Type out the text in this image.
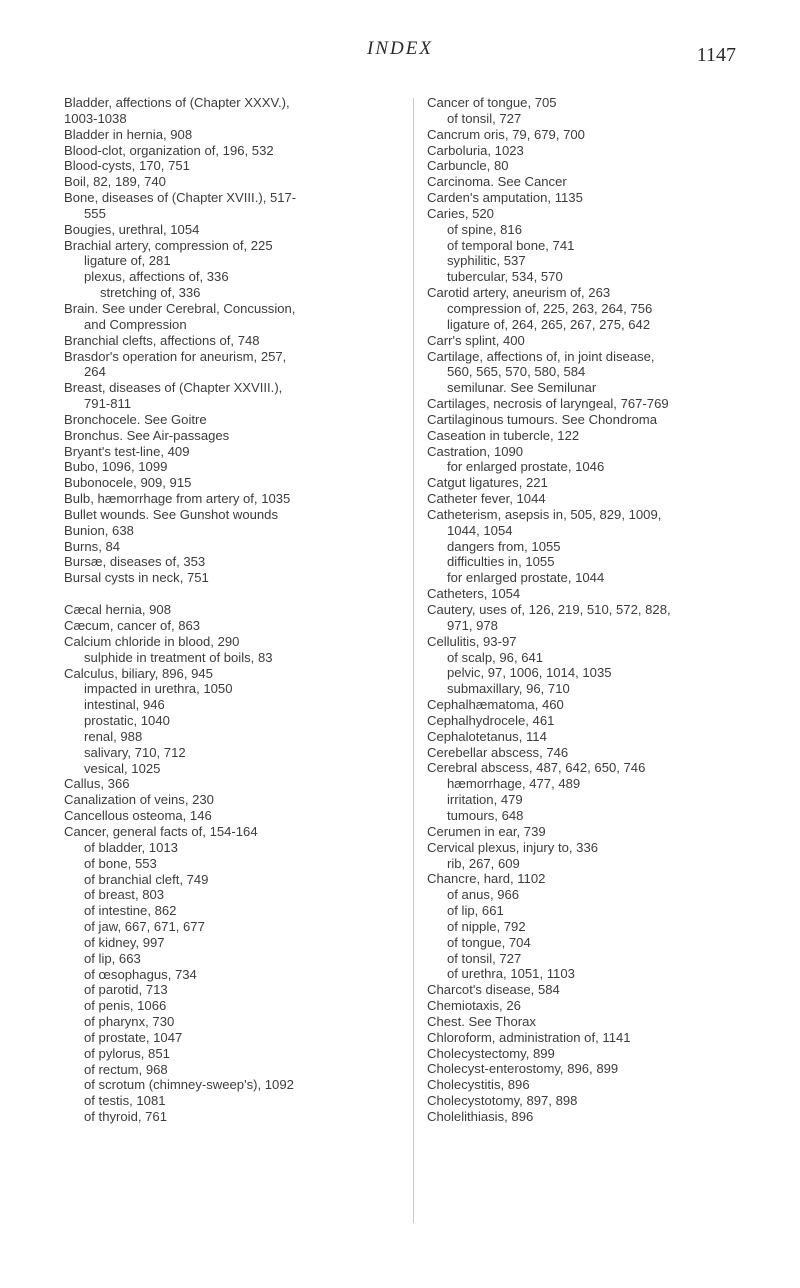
INDEX	1147
Bladder, affections of (Chapter XXXV.),
1003-1038
Bladder in hernia, 908
Blood-clot, organization of, 196, 532
Blood-cysts, 170, 751
Boil, 82, 189, 740
Bone, diseases of (Chapter XVIII.), 517-
555
Bougies, urethral, 1054
Brachial artery, compression of, 225
ligature of, 281
plexus, affections of, 336
stretching of, 336
Brain. See under Cerebral, Concussion,
and Compression
Branchial clefts, affections of, 748
Brasdor's operation for aneurism, 257,
264
Breast, diseases of (Chapter XXVIII.),
791-811
Bronchocele. See Goitre
Bronchus. See Air-passages
Bryant's test-line, 409
Bubo, 1096, 1099
Bubonocele, 909, 915
Bulb, hæmorrhage from artery of, 1035
Bullet wounds. See Gunshot wounds
Bunion, 638
Burns, 84
Bursæ, diseases of, 353
Bursal cysts in neck, 751
Cæcal hernia, 908
Cæcum, cancer of, 863
Calcium chloride in blood, 290
sulphide in treatment of boils, 83
Calculus, biliary, 896, 945
impacted in urethra, 1050
intestinal, 946
prostatic, 1040
renal, 988
salivary, 710, 712
vesical, 1025
Callus, 366
Canalization of veins, 230
Cancellous osteoma, 146
Cancer, general facts of, 154-164
of bladder, 1013
of bone, 553
of branchial cleft, 749
of breast, 803
of intestine, 862
of jaw, 667, 671, 677
of kidney, 997
of lip, 663
of œsophagus, 734
of parotid, 713
of penis, 1066
of pharynx, 730
of prostate, 1047
of pylorus, 851
of rectum, 968
of scrotum (chimney-sweep's), 1092
of testis, 1081
of thyroid, 761
Cancer of tongue, 705
of tonsil, 727
Cancrum oris, 79, 679, 700
Carboluria, 1023
Carbuncle, 80
Carcinoma. See Cancer
Carden's amputation, 1135
Caries, 520
of spine, 816
of temporal bone, 741
syphilitic, 537
tubercular, 534, 570
Carotid artery, aneurism of, 263
compression of, 225, 263, 264, 756
ligature of, 264, 265, 267, 275, 642
Carr's splint, 400
Cartilage, affections of, in joint disease,
560, 565, 570, 580, 584
semilunar. See Semilunar
Cartilages, necrosis of laryngeal, 767-769
Cartilaginous tumours. See Chondroma
Caseation in tubercle, 122
Castration, 1090
for enlarged prostate, 1046
Catgut ligatures, 221
Catheter fever, 1044
Catheterism, asepsis in, 505, 829, 1009,
1044, 1054
dangers from, 1055
difficulties in, 1055
for enlarged prostate, 1044
Catheters, 1054
Cautery, uses of, 126, 219, 510, 572, 828,
971, 978
Cellulitis, 93-97
of scalp, 96, 641
pelvic, 97, 1006, 1014, 1035
submaxillary, 96, 710
Cephalhæmatoma, 460
Cephalhydrocele, 461
Cephalotetanus, 114
Cerebellar abscess, 746
Cerebral abscess, 487, 642, 650, 746
hæmorrhage, 477, 489
irritation, 479
tumours, 648
Cerumen in ear, 739
Cervical plexus, injury to, 336
rib, 267, 609
Chancre, hard, 1102
of anus, 966
of lip, 661
of nipple, 792
of tongue, 704
of tonsil, 727
of urethra, 1051, 1103
Charcot's disease, 584
Chemiotaxis, 26
Chest. See Thorax
Chloroform, administration of, 1141
Cholecystectomy, 899
Cholecyst-enterostomy, 896, 899
Cholecystitis, 896
Cholecystotomy, 897, 898
Cholelithiasis, 896
